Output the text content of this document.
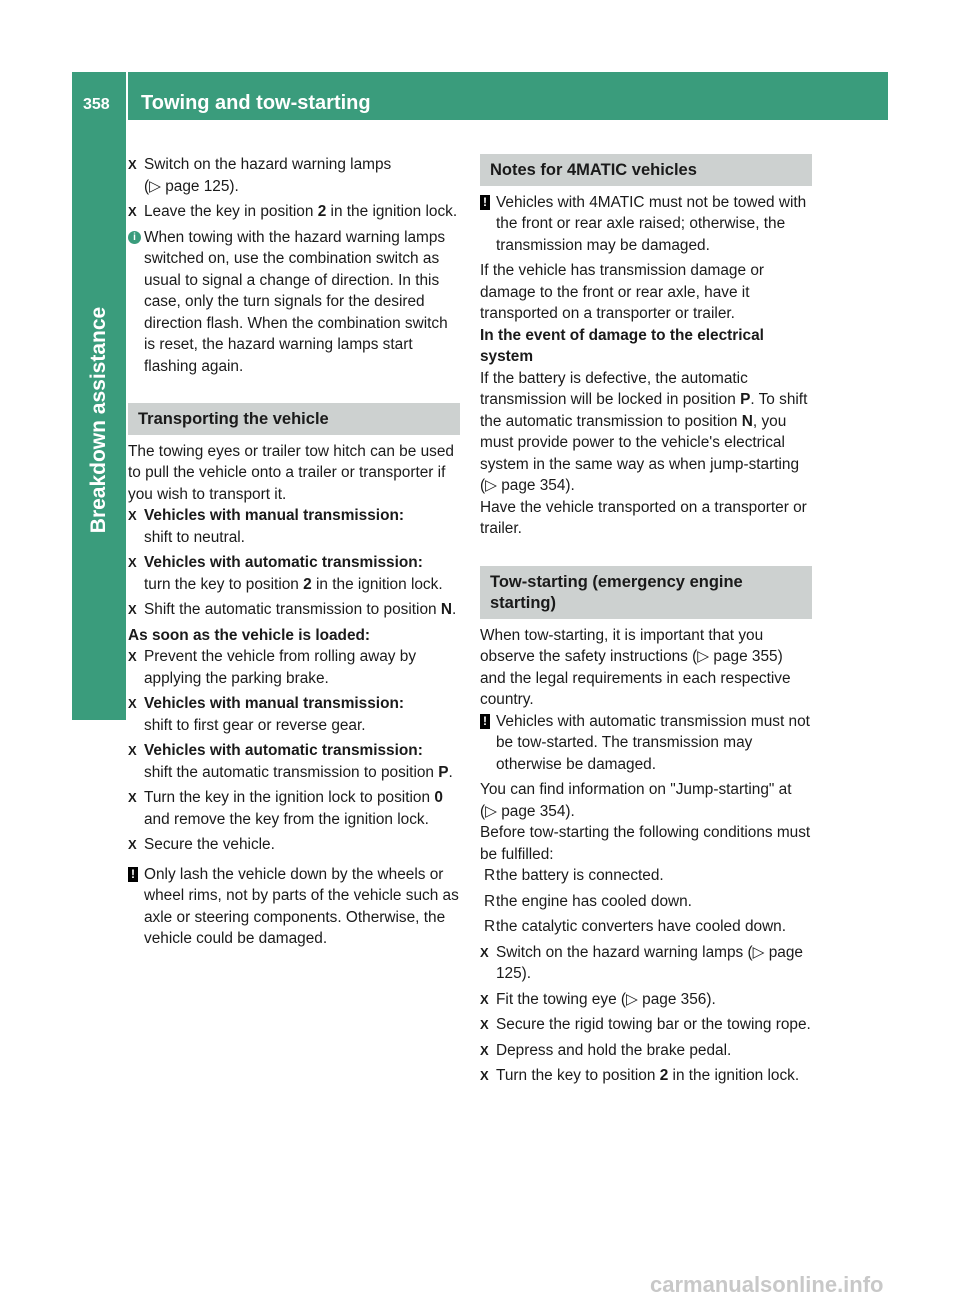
358	Towing and tow-starting
Breakdown assistance
X Switch on the hazard warning lamps
(▷ page 125).
X Leave the key in position 2 in the ignition lock.
i When towing with the hazard warning lamps switched on, use the combination switch as usual to signal a change of direction. In this case, only the turn signals for the desired direction flash. When the combination switch is reset, the hazard warning lamps start flashing again.
Transporting the vehicle

The towing eyes or trailer tow hitch can be used to pull the vehicle onto a trailer or transporter if you wish to transport it.

X Vehicles with manual transmission:
shift to neutral.
X Vehicles with automatic transmission:
turn the key to position 2 in the ignition lock.
X Shift the automatic transmission to position N.

As soon as the vehicle is loaded:

X Prevent the vehicle from rolling away by applying the parking brake.
X Vehicles with manual transmission:
shift to first gear or reverse gear.
X Vehicles with automatic transmission:
shift the automatic transmission to position P.
X Turn the key in the ignition lock to position 0 and remove the key from the ignition lock.
X Secure the vehicle.
! Only lash the vehicle down by the wheels or wheel rims, not by parts of the vehicle such as axle or steering components. Otherwise, the vehicle could be damaged.
Notes for 4MATIC vehicles
! Vehicles with 4MATIC must not be towed with the front or rear axle raised; otherwise, the transmission may be damaged.

If the vehicle has transmission damage or damage to the front or rear axle, have it transported on a transporter or trailer.

In the event of damage to the electrical system

If the battery is defective, the automatic transmission will be locked in position P. To shift the automatic transmission to position N, you must provide power to the vehicle's electrical system in the same way as when jump-starting (▷ page 354).

Have the vehicle transported on a transporter or trailer.

Tow-starting (emergency engine starting)

When tow-starting, it is important that you observe the safety instructions (▷ page 355) and the legal requirements in each respective country.

! Vehicles with automatic transmission must not be tow-started. The transmission may otherwise be damaged.

You can find information on "Jump-starting" at (▷ page 354).

Before tow-starting the following conditions must be fulfilled:

R the battery is connected.
R the engine has cooled down.
R the catalytic converters have cooled down.
X Switch on the hazard warning lamps (▷ page 125).
X Fit the towing eye (▷ page 356).
X Secure the rigid towing bar or the towing rope.
X Depress and hold the brake pedal.
X Turn the key to position 2 in the ignition lock.
carmanualsonline.info
